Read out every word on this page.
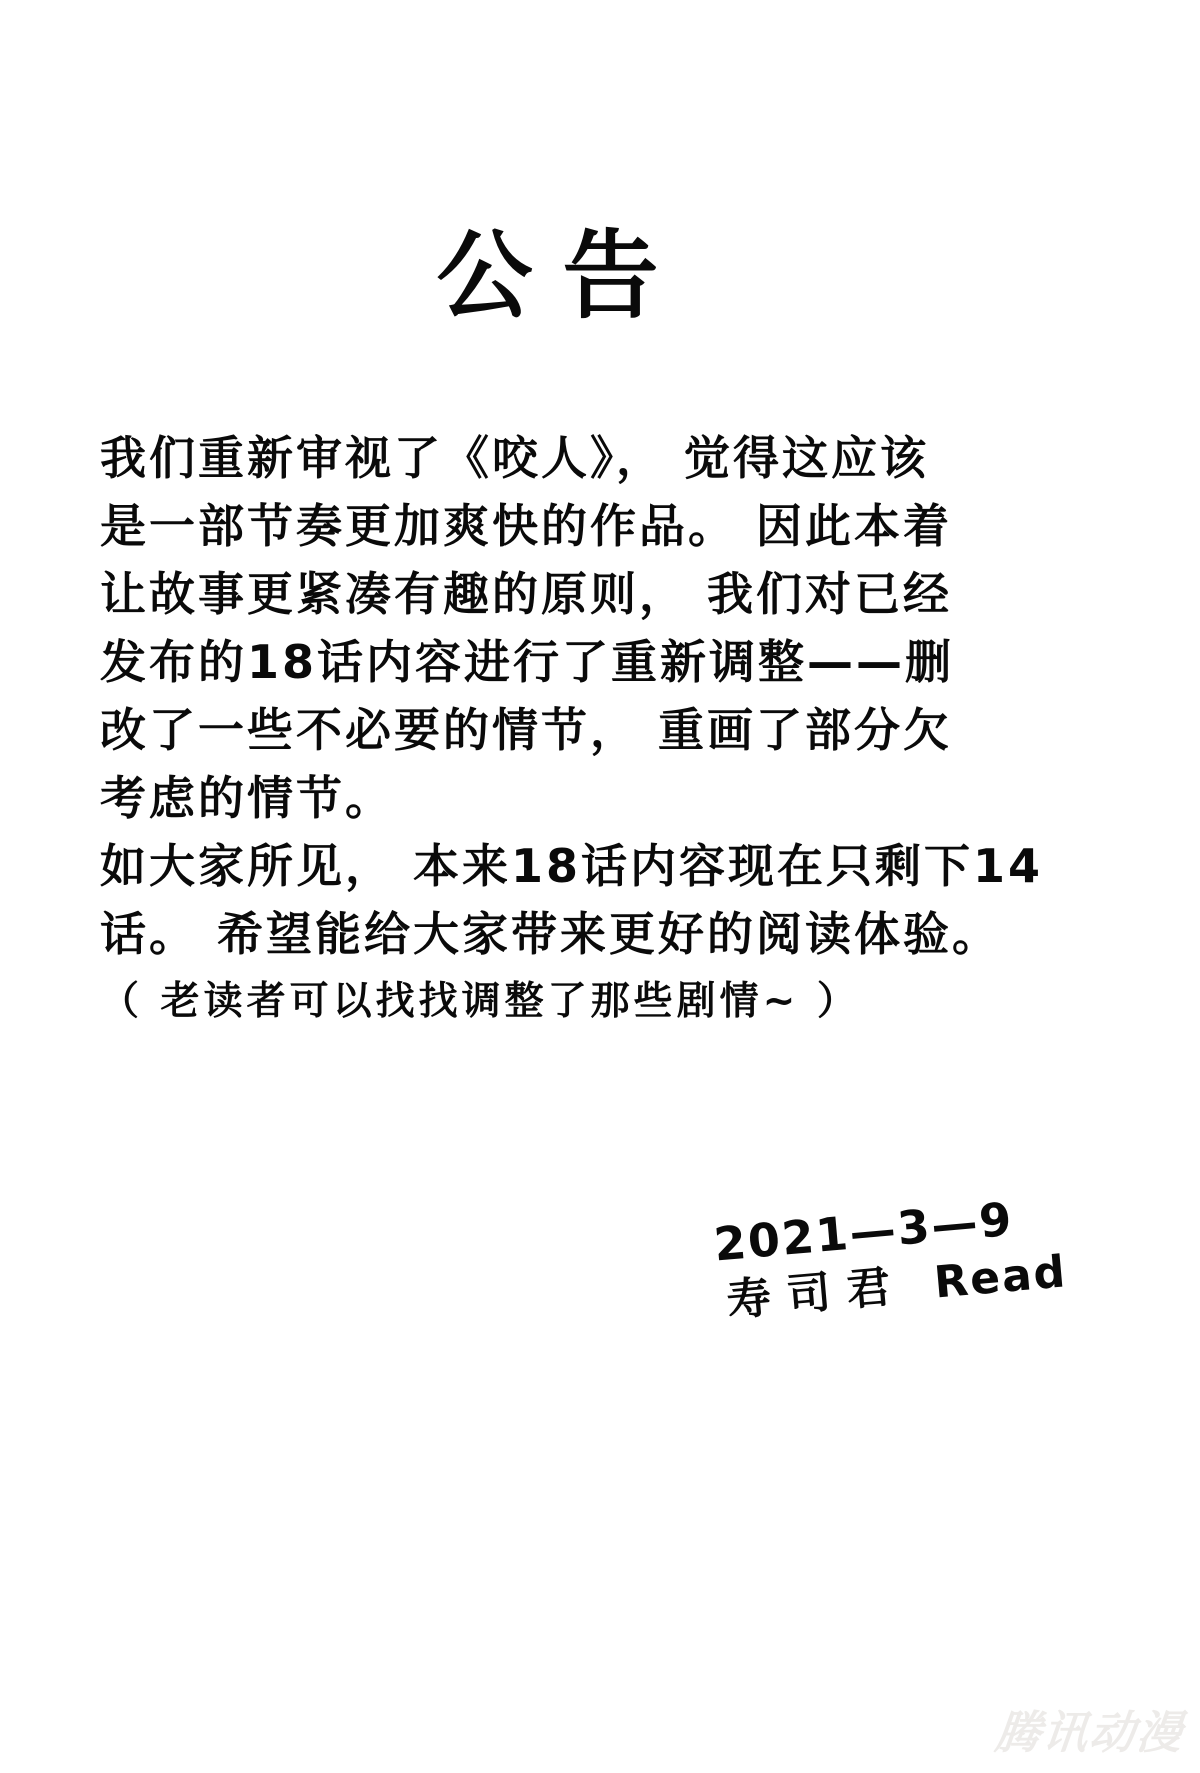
公告
我们重新审视了《咬人》， 觉得这应该
是一部节奏更加爽快的作品。 因此本着
让故事更紧凑有趣的原则， 我们对已经
发布的18话内容进行了重新调整——删
改了一些不必要的情节， 重画了部分欠
考虑的情节。
如大家所见， 本来18话内容现在只剩下14
话。 希望能给大家带来更好的阅读体验。
（ 老读者可以找找调整了那些剧情~ ）
2021—3—9
寿司君 Read
腾讯动漫
